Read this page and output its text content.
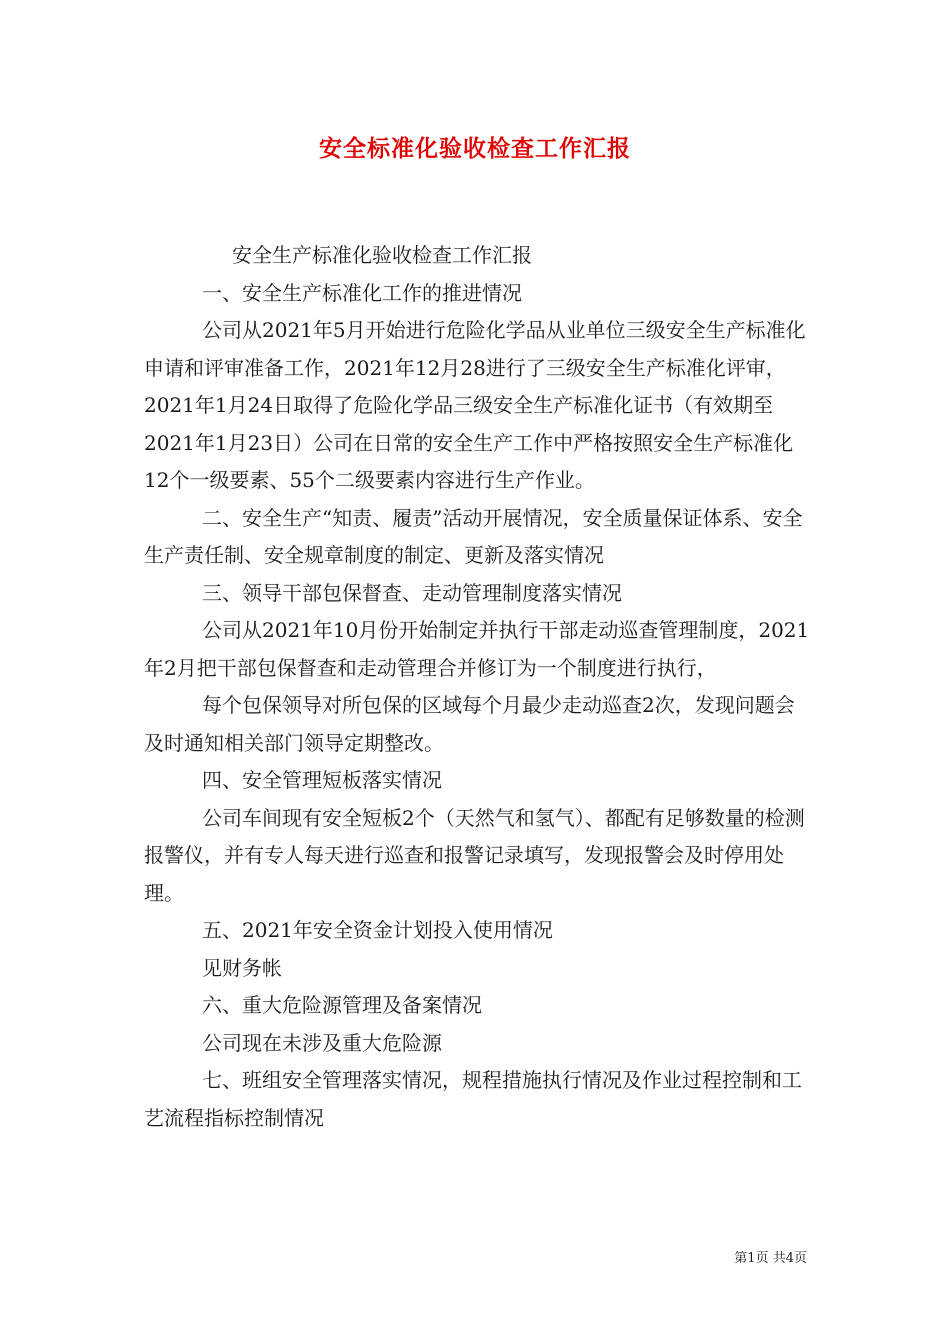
安全标准化验收检查工作汇报

安全生产标准化验收检查工作汇报

一、安全生产标准化工作的推进情况

公司从2021年5月开始进行危险化学品从业单位三级安全生产标准化申请和评审准备工作，2021年12月28进行了三级安全生产标准化评审，2021年1月24日取得了危险化学品三级安全生产标准化证书（有效期至2021年1月23日）公司在日常的安全生产工作中严格按照安全生产标准化12个一级要素、55个二级要素内容进行生产作业。

二、安全生产“知责、履责”活动开展情况，安全质量保证体系、安全生产责任制、安全规章制度的制定、更新及落实情况

三、领导干部包保督查、走动管理制度落实情况

公司从2021年10月份开始制定并执行干部走动巡查管理制度，2021年2月把干部包保督查和走动管理合并修订为一个制度进行执行，

每个包保领导对所包保的区域每个月最少走动巡查2次，发现问题会及时通知相关部门领导定期整改。

四、安全管理短板落实情况

公司车间现有安全短板2个（天然气和氢气）、都配有足够数量的检测报警仪，并有专人每天进行巡查和报警记录填写，发现报警会及时停用处理。

五、2021年安全资金计划投入使用情况

见财务帐

六、重大危险源管理及备案情况

公司现在未涉及重大危险源

七、班组安全管理落实情况，规程措施执行情况及作业过程控制和工艺流程指标控制情况

第1页 共4页
